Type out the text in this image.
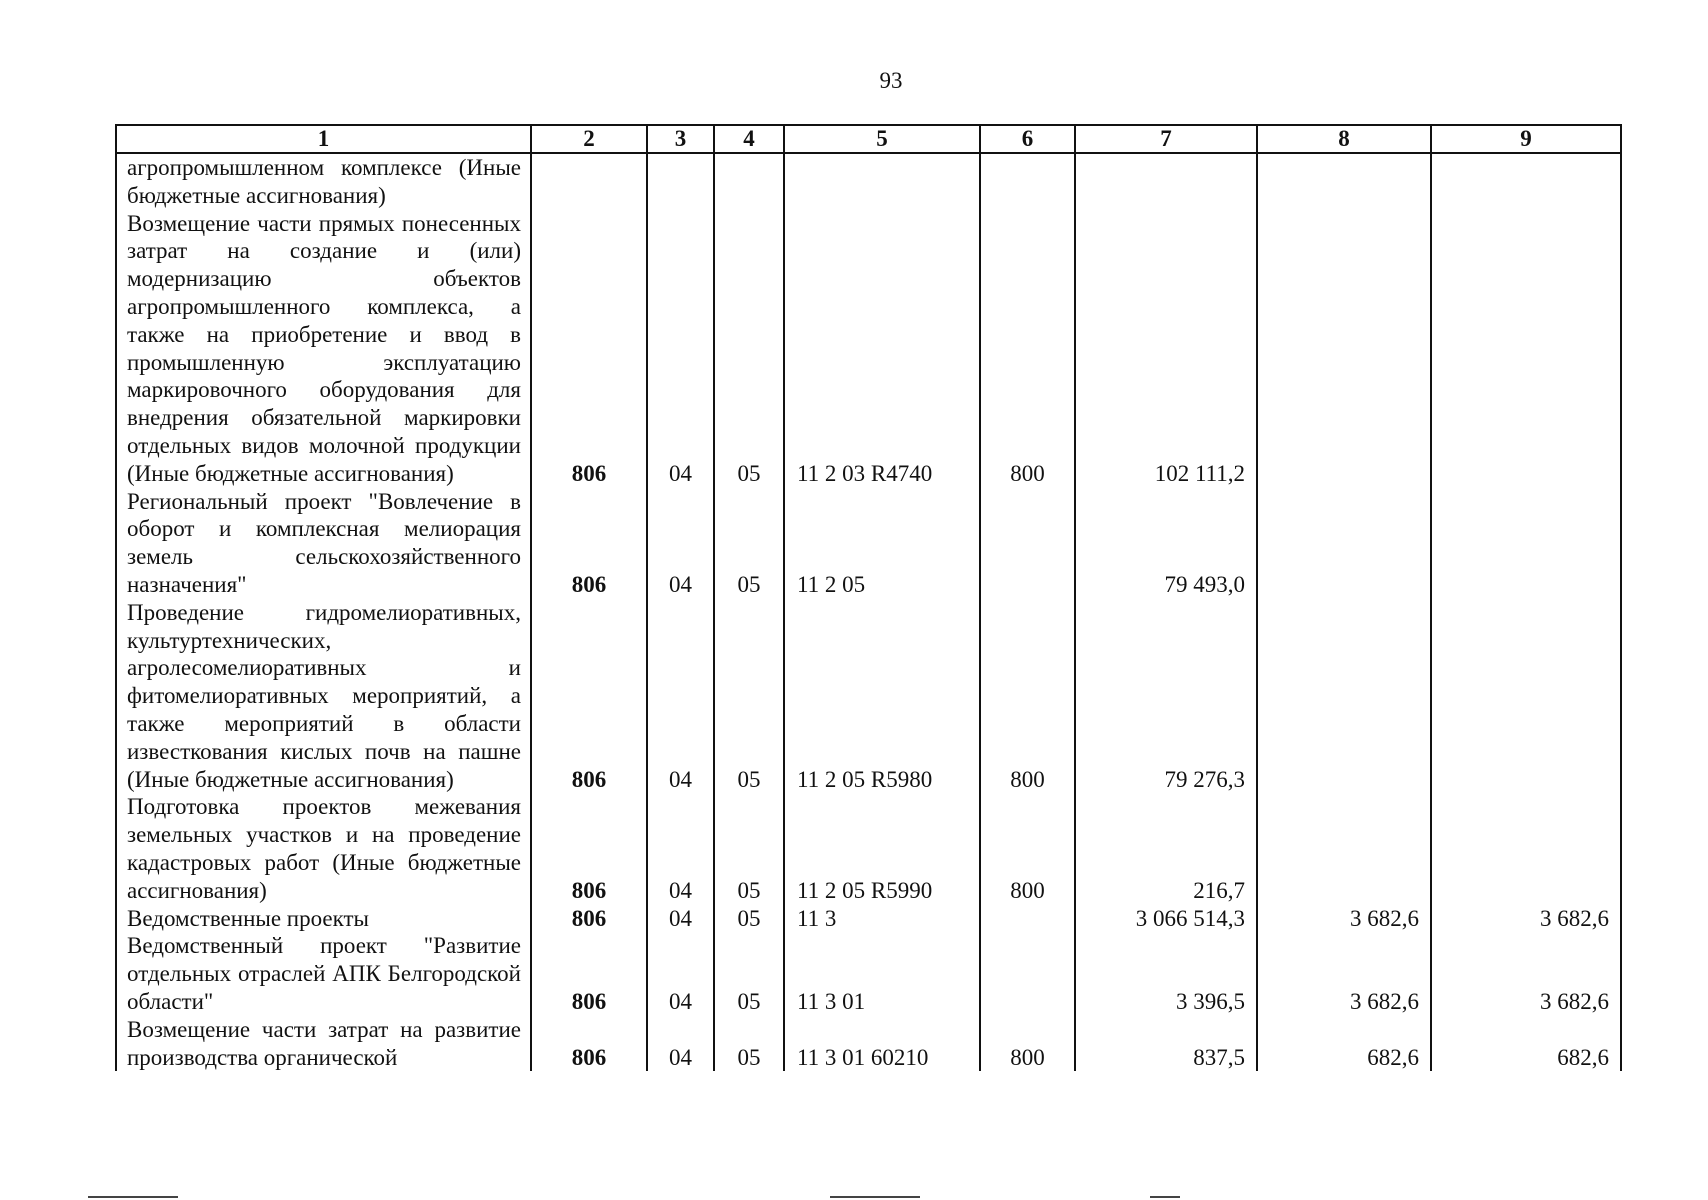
93
1	2	3	4	5	6	7	8	9
агропромышленном комплексе (Иные бюджетные ассигнования)								
Возмещение части прямых понесенных затрат на создание и (или) модернизацию объектов агропромышленного комплекса, а также на приобретение и ввод в промышленную эксплуатацию маркировочного оборудования для внедрения обязательной маркировки отдельных видов молочной продукции (Иные бюджетные ассигнования)	806	04	05	11 2 03 R4740	800	102 111,2		
Региональный проект "Вовлечение в оборот и комплексная мелиорация земель сельскохозяйственного назначения"	806	04	05	11 2 05		79 493,0		
Проведение гидромелиоративных, культуртехнических, агролесомелиоративных и фитомелиоративных мероприятий, а также мероприятий в области известкования кислых почв на пашне (Иные бюджетные ассигнования)	806	04	05	11 2 05 R5980	800	79 276,3		
Подготовка проектов межевания земельных участков и на проведение кадастровых работ (Иные бюджетные ассигнования)	806	04	05	11 2 05 R5990	800	216,7		
Ведомственные проекты	806	04	05	11 3		3 066 514,3	3 682,6	3 682,6
Ведомственный проект "Развитие отдельных отраслей АПК Белгородской области"	806	04	05	11 3 01		3 396,5	3 682,6	3 682,6
Возмещение части затрат на развитие производства органической	806	04	05	11 3 01 60210	800	837,5	682,6	682,6
